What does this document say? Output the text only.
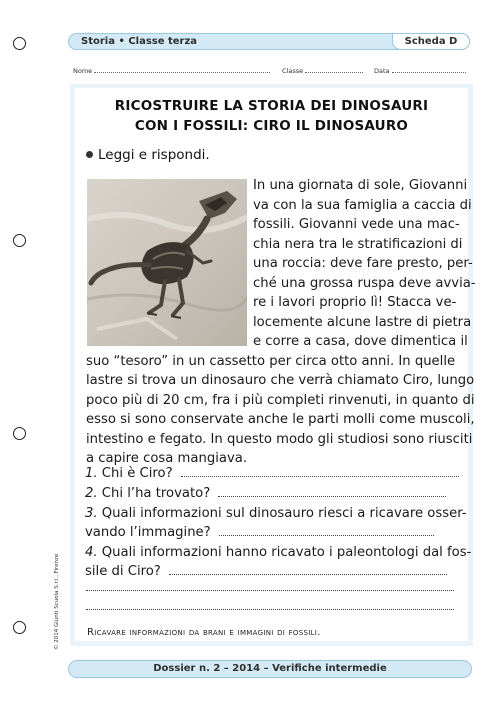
Storia • Classe terza	Scheda D
Nome	Classe	Data
RICOSTRUIRE LA STORIA DEI DINOSAURI
CON I FOSSILI: CIRO IL DINOSAURO
Leggi e rispondi.
In una giornata di sole, Giovanni
va con la sua famiglia a caccia di
fossili. Giovanni vede una mac-
chia nera tra le stratificazioni di
una roccia: deve fare presto, per-
ché una grossa ruspa deve avvia-
re i lavori proprio lì! Stacca ve-
locemente alcune lastre di pietra
e corre a casa, dove dimentica il
suo “tesoro” in un cassetto per circa otto anni. In quelle
lastre si trova un dinosauro che verrà chiamato Ciro, lungo
poco più di 20 cm, fra i più completi rinvenuti, in quanto di
esso si sono conservate anche le parti molli come muscoli,
intestino e fegato. In questo modo gli studiosi sono riusciti
a capire cosa mangiava.
1. Chi è Ciro?
2. Chi l’ha trovato?
3. Quali informazioni sul dinosauro riesci a ricavare osser-
vando l’immagine?
4. Quali informazioni hanno ricavato i paleontologi dal fos-
sile di Ciro?
Ricavare informazioni da brani e immagini di fossili.
© 2014 Giunti Scuola S.r.l., Firenze
Dossier n. 2 – 2014 – Verifiche intermedie
